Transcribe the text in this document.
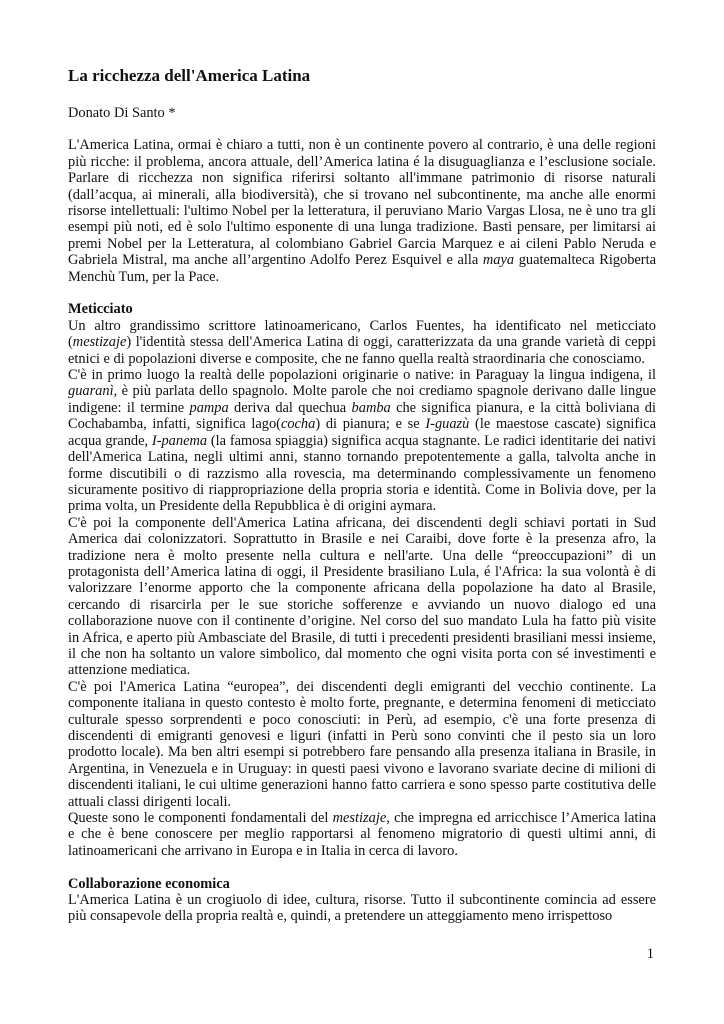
La ricchezza dell'America Latina
Donato Di Santo *

L'America Latina, ormai è chiaro a tutti, non è un continente povero al contrario, è una delle regioni più ricche: il problema, ancora attuale, dell’America latina é la disuguaglianza e l’esclusione sociale. Parlare di ricchezza non significa riferirsi soltanto all'immane patrimonio di risorse naturali (dall’acqua, ai minerali, alla biodiversità), che si trovano nel subcontinente, ma anche alle enormi risorse intellettuali: l'ultimo Nobel per la letteratura, il peruviano Mario Vargas Llosa, ne è uno tra gli esempi più noti, ed è solo l'ultimo esponente di una lunga tradizione. Basti pensare, per limitarsi ai premi Nobel per la Letteratura, al colombiano Gabriel Garcia Marquez e ai cileni Pablo Neruda e Gabriela Mistral, ma anche all’argentino Adolfo Perez Esquivel e alla maya guatemalteca Rigoberta Menchù Tum, per la Pace.

Meticciato

Un altro grandissimo scrittore latinoamericano, Carlos Fuentes, ha identificato nel meticciato (mestizaje) l'identità stessa dell'America Latina di oggi, caratterizzata da una grande varietà di ceppi etnici e di popolazioni diverse e composite, che ne fanno quella realtà straordinaria che conosciamo.

C'è in primo luogo la realtà delle popolazioni originarie o native: in Paraguay la lingua indigena, il guaranì, è più parlata dello spagnolo. Molte parole che noi crediamo spagnole derivano dalle lingue indigene: il termine pampa deriva dal quechua bamba che significa pianura, e la città boliviana di Cochabamba, infatti, significa lago(cocha) di pianura; e se I-guazù (le maestose cascate) significa acqua grande, I-panema (la famosa spiaggia) significa acqua stagnante. Le radici identitarie dei nativi dell'America Latina, negli ultimi anni, stanno tornando prepotentemente a galla, talvolta anche in forme discutibili o di razzismo alla rovescia, ma determinando complessivamente un fenomeno sicuramente positivo di riappropriazione della propria storia e identità. Come in Bolivia dove, per la prima volta, un Presidente della Repubblica è di origini aymara.

C'è poi la componente dell'America Latina africana, dei discendenti degli schiavi portati in Sud America dai colonizzatori. Soprattutto in Brasile e nei Caraibi, dove forte è la presenza afro, la tradizione nera è molto presente nella cultura e nell'arte. Una delle “preoccupazioni” di un protagonista dell’America latina di oggi, il Presidente brasiliano Lula, é l'Africa: la sua volontà è di valorizzare l’enorme apporto che la componente africana della popolazione ha dato al Brasile, cercando di risarcirla per le sue storiche sofferenze e avviando un nuovo dialogo ed una collaborazione nuove con il continente d’origine. Nel corso del suo mandato Lula ha fatto più visite in Africa, e aperto più Ambasciate del Brasile, di tutti i precedenti presidenti brasiliani messi insieme, il che non ha soltanto un valore simbolico, dal momento che ogni visita porta con sé investimenti e attenzione mediatica.

C'è poi l'America Latina “europea”, dei discendenti degli emigranti del vecchio continente. La componente italiana in questo contesto è molto forte, pregnante, e determina fenomeni di meticciato culturale spesso sorprendenti e poco conosciuti: in Perù, ad esempio, c'è una forte presenza di discendenti di emigranti genovesi e liguri (infatti in Perù sono convinti che il pesto sia un loro prodotto locale). Ma ben altri esempi si potrebbero fare pensando alla presenza italiana in Brasile, in Argentina, in Venezuela e in Uruguay: in questi paesi vivono e lavorano svariate decine di milioni di discendenti italiani, le cui ultime generazioni hanno fatto carriera e sono spesso parte costitutiva delle attuali classi dirigenti locali.

Queste sono le componenti fondamentali del mestizaje, che impregna ed arricchisce l’America latina e che è bene conoscere per meglio rapportarsi al fenomeno migratorio di questi ultimi anni, di latinoamericani che arrivano in Europa e in Italia in cerca di lavoro.

Collaborazione economica

L'America Latina è un crogiuolo di idee, cultura, risorse. Tutto il subcontinente comincia ad essere più consapevole della propria realtà e, quindi, a pretendere un atteggiamento meno irrispettoso

1
